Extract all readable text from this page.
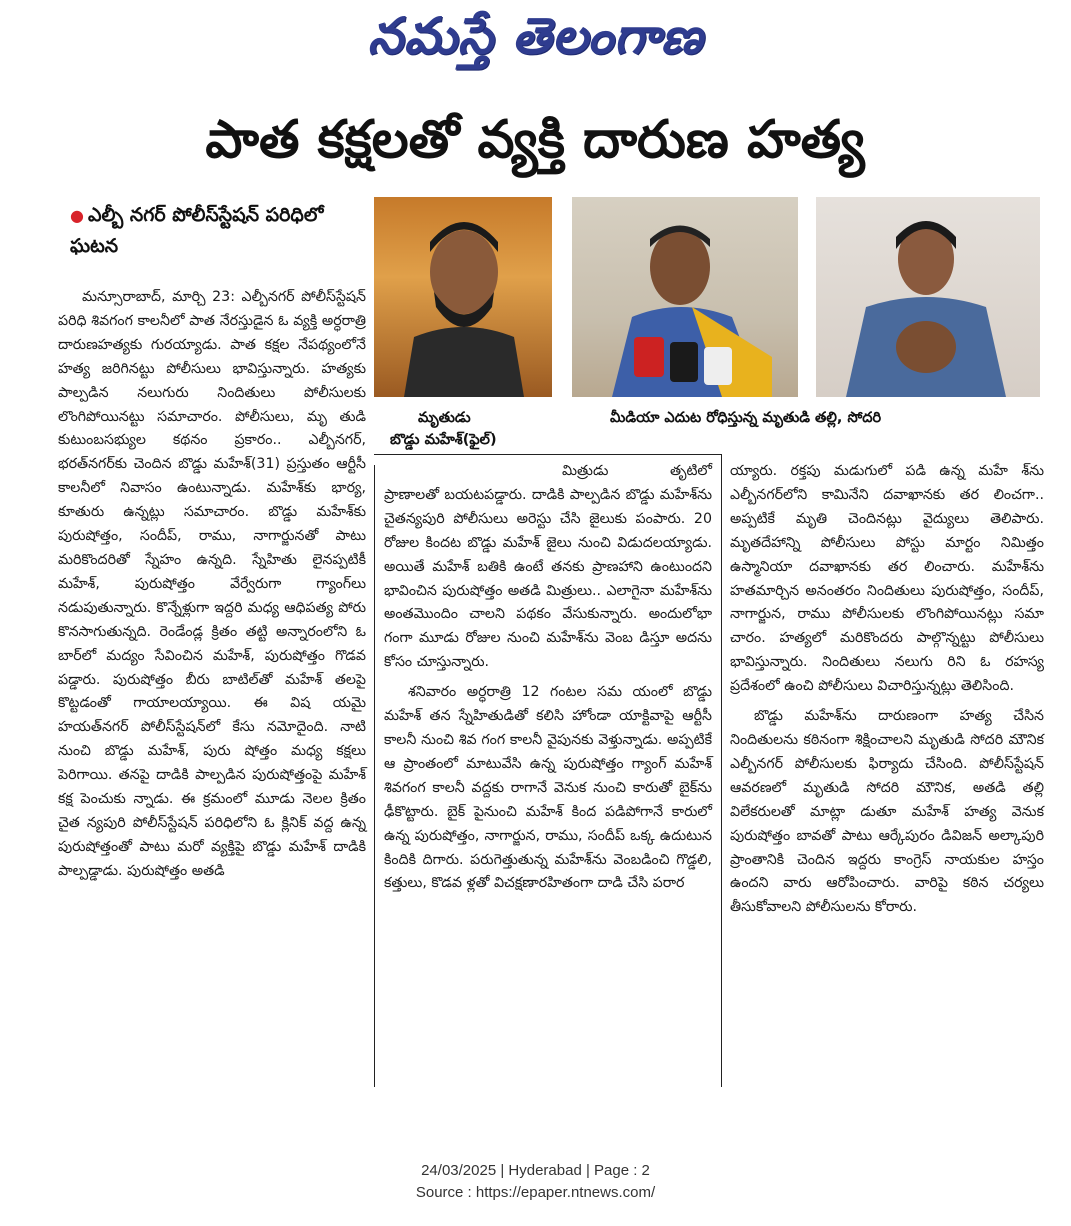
నమస్తే తెలంగాణ
పాత కక్షలతో వ్యక్తి దారుణ హత్య
● ఎల్బీ నగర్ పోలీస్‌స్టేషన్ పరిధిలో ఘటన
మృతుడు
బొడ్డు మహేశ్(ఫైల్)
మీడియా ఎదుట రోధిస్తున్న మృతుడి తల్లి, సోదరి

మన్సూరాబాద్, మార్చి 23: ఎల్బీనగర్ పోలీస్‌స్టేషన్ పరిధి శివగంగ కాలనీలో పాత నేరస్తుడైన ఓ వ్యక్తి అర్ధరాత్రి దారుణహత్యకు గురయ్యాడు. పాత కక్షల నేపథ్యంలోనే హత్య జరిగినట్టు పోలీసులు భావిస్తున్నారు. హత్యకు పాల్పడిన నలుగురు నిందితులు పోలీసులకు లొంగిపోయినట్టు సమాచారం. పోలీసులు, మృ తుడి కుటుంబసభ్యుల కథనం ప్రకారం.. ఎల్బీనగర్, భరత్‌నగర్‌కు చెందిన బొడ్డు మహేశ్(31) ప్రస్తుతం ఆర్టీసీ కాలనీలో నివాసం ఉంటున్నాడు. మహేశ్‌కు భార్య, కూతురు ఉన్నట్లు సమాచారం. బొడ్డు మహేశ్‌కు పురుషోత్తం, సందీప్, రాము, నాగార్జునతో పాటు మరికొందరితో స్నేహం ఉన్నది. స్నేహితు లైనప్పటికీ మహేశ్, పురుషోత్తం వేర్వేరుగా గ్యాంగ్‌లు నడుపుతున్నారు. కొన్నేళ్లుగా ఇద్దరి మధ్య ఆధిపత్య పోరు కొనసాగుతున్నది. రెండేండ్ల క్రితం తట్టి అన్నారంలోని ఓ బార్‌లో మద్యం సేవించిన మహేశ్, పురుషోత్తం గొడవ పడ్డారు. పురుషోత్తం బీరు బాటిల్‌తో మహేశ్ తలపై కొట్టడంతో గాయాలయ్యాయి. ఈ విష యమై హయత్‌నగర్ పోలీస్‌స్టేషన్‌లో కేసు నమోదైంది. నాటి నుంచి బొడ్డు మహేశ్, పురు షోత్తం మధ్య కక్షలు పెరిగాయి. తనపై దాడికి పాల్పడిన పురుషోత్తంపై మహేశ్ కక్ష పెంచుకు న్నాడు. ఈ క్రమంలో మూడు నెలల క్రితం చైత న్యపురి పోలీస్‌స్టేషన్ పరిధిలోని ఓ క్లినిక్ వద్ద ఉన్న పురుషోత్తంతో పాటు మరో వ్యక్తిపై బొడ్డు మహేశ్ దాడికి పాల్పడ్డాడు. పురుషోత్తం అతడి

మిత్రుడు తృటిలో ప్రాణాలతో బయటపడ్డారు. దాడికి పాల్పడిన బొడ్డు మహేశ్‌ను చైతన్యపురి పోలీసులు అరెస్టు చేసి జైలుకు పంపారు. 20 రోజుల కిందట బొడ్డు మహేశ్ జైలు నుంచి విడుదలయ్యాడు. అయితే మహేశ్ బతికి ఉంటే తనకు ప్రాణహాని ఉంటుందని భావించిన పురుషోత్తం అతడి మిత్రులు.. ఎలాగైనా మహేశ్‌ను అంతమొందిం చాలని పథకం వేసుకున్నారు. అందులోభా గంగా మూడు రోజుల నుంచి మహేశ్‌ను వెంబ డిస్తూ అదను కోసం చూస్తున్నారు.

శనివారం అర్ధరాత్రి 12 గంటల సమ యంలో బొడ్డు మహేశ్ తన స్నేహితుడితో కలిసి హోండా యాక్టివాపై ఆర్టీసీ కాలనీ నుంచి శివ గంగ కాలనీ వైపునకు వెళ్తున్నాడు. అప్పటికే ఆ ప్రాంతంలో మాటువేసి ఉన్న పురుషోత్తం గ్యాంగ్ మహేశ్ శివగంగ కాలనీ వద్దకు రాగానే వెనుక నుంచి కారుతో బైక్‌ను ఢీకొట్టారు. బైక్ పైనుంచి మహేశ్ కింద పడిపోగానే కారులో ఉన్న పురుషోత్తం, నాగార్జున, రాము, సందీప్ ఒక్క ఉదుటున కిందికి దిగారు. పరుగెత్తుతున్న మహేశ్‌ను వెంబడించి గొడ్డలి, కత్తులు, కొడవ ళ్లతో విచక్షణారహితంగా దాడి చేసి పరార

య్యారు. రక్తపు మడుగులో పడి ఉన్న మహే శ్‌ను ఎల్బీనగర్‌లోని కామినేని దవాఖానకు తర లించగా.. అప్పటికే మృతి చెందినట్లు వైద్యులు తెలిపారు. మృతదేహాన్ని పోలీసులు పోస్టు మార్టం నిమిత్తం ఉస్మానియా దవాఖానకు తర లించారు. మహేశ్‌ను హతమార్చిన అనంతరం నిందితులు పురుషోత్తం, సందీప్, నాగార్జున, రాము పోలీసులకు లొంగిపోయినట్లు సమా చారం. హత్యలో మరికొందరు పాల్గొన్నట్టు పోలీసులు భావిస్తున్నారు. నిందితులు నలుగు రిని ఓ రహస్య ప్రదేశంలో ఉంచి పోలీసులు విచారిస్తున్నట్లు తెలిసింది.

బొడ్డు మహేశ్‌ను దారుణంగా హత్య చేసిన నిందితులను కఠినంగా శిక్షించాలని మృతుడి సోదరి మౌనిక ఎల్బీనగర్ పోలీసులకు ఫిర్యాదు చేసింది. పోలీస్‌స్టేషన్ ఆవరణలో మృతుడి సోదరి మౌనిక, అతడి తల్లి విలేకరులతో మాట్లా డుతూ మహేశ్ హత్య వెనుక పురుషోత్తం బావతో పాటు ఆర్కేపురం డివిజన్ అల్కాపురి ప్రాంతానికి చెందిన ఇద్దరు కాంగ్రెస్ నాయకుల హస్తం ఉందని వారు ఆరోపించారు. వారిపై కఠిన చర్యలు తీసుకోవాలని పోలీసులను కోరారు.

24/03/2025 | Hyderabad | Page : 2
Source : https://epaper.ntnews.com/
